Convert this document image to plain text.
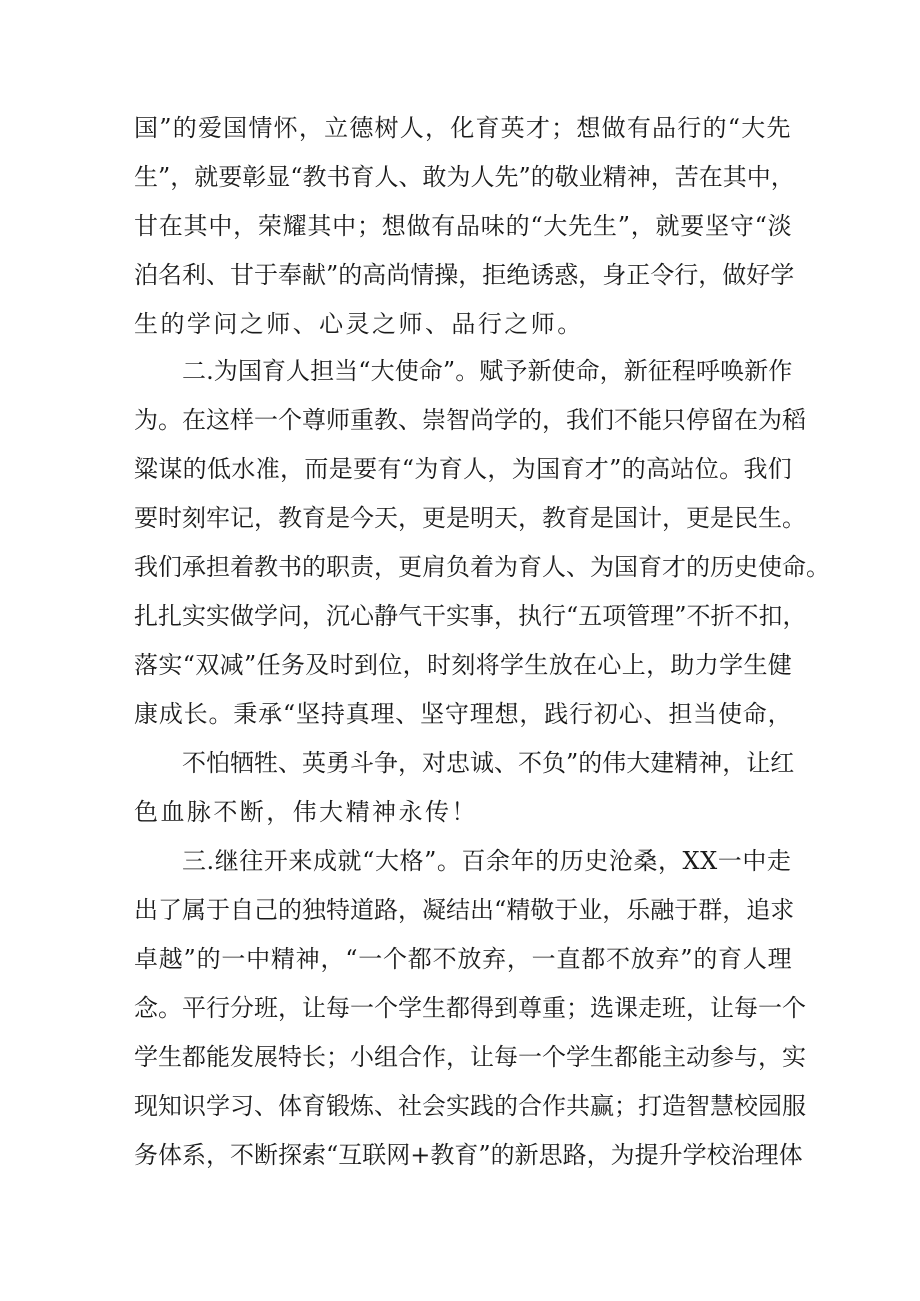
国”的爱国情怀，立德树人，化育英才；想做有品行的“大先

生”，就要彰显“教书育人、敢为人先”的敬业精神，苦在其中，

甘在其中，荣耀其中；想做有品味的“大先生”，就要坚守“淡

泊名利、甘于奉献”的高尚情操，拒绝诱惑，身正令行，做好学

生的学问之师、心灵之师、品行之师。

二.为国育人担当“大使命”。赋予新使命，新征程呼唤新作

为。在这样一个尊师重教、崇智尚学的，我们不能只停留在为稻

粱谋的低水准，而是要有“为育人，为国育才”的高站位。我们

要时刻牢记，教育是今天，更是明天，教育是国计，更是民生。

我们承担着教书的职责，更肩负着为育人、为国育才的历史使命。

扎扎实实做学问，沉心静气干实事，执行“五项管理”不折不扣，

落实“双减”任务及时到位，时刻将学生放在心上，助力学生健

康成长。秉承“坚持真理、坚守理想，践行初心、担当使命，

不怕牺牲、英勇斗争，对忠诚、不负”的伟大建精神，让红

色血脉不断，伟大精神永传！

三.继往开来成就“大格”。百余年的历史沧桑，XX一中走

出了属于自己的独特道路，凝结出“精敬于业，乐融于群，追求

卓越”的一中精神，“一个都不放弃，一直都不放弃”的育人理

念。平行分班，让每一个学生都得到尊重；选课走班，让每一个

学生都能发展特长；小组合作，让每一个学生都能主动参与，实

现知识学习、体育锻炼、社会实践的合作共赢；打造智慧校园服

务体系，不断探索“互联网+教育”的新思路，为提升学校治理体
